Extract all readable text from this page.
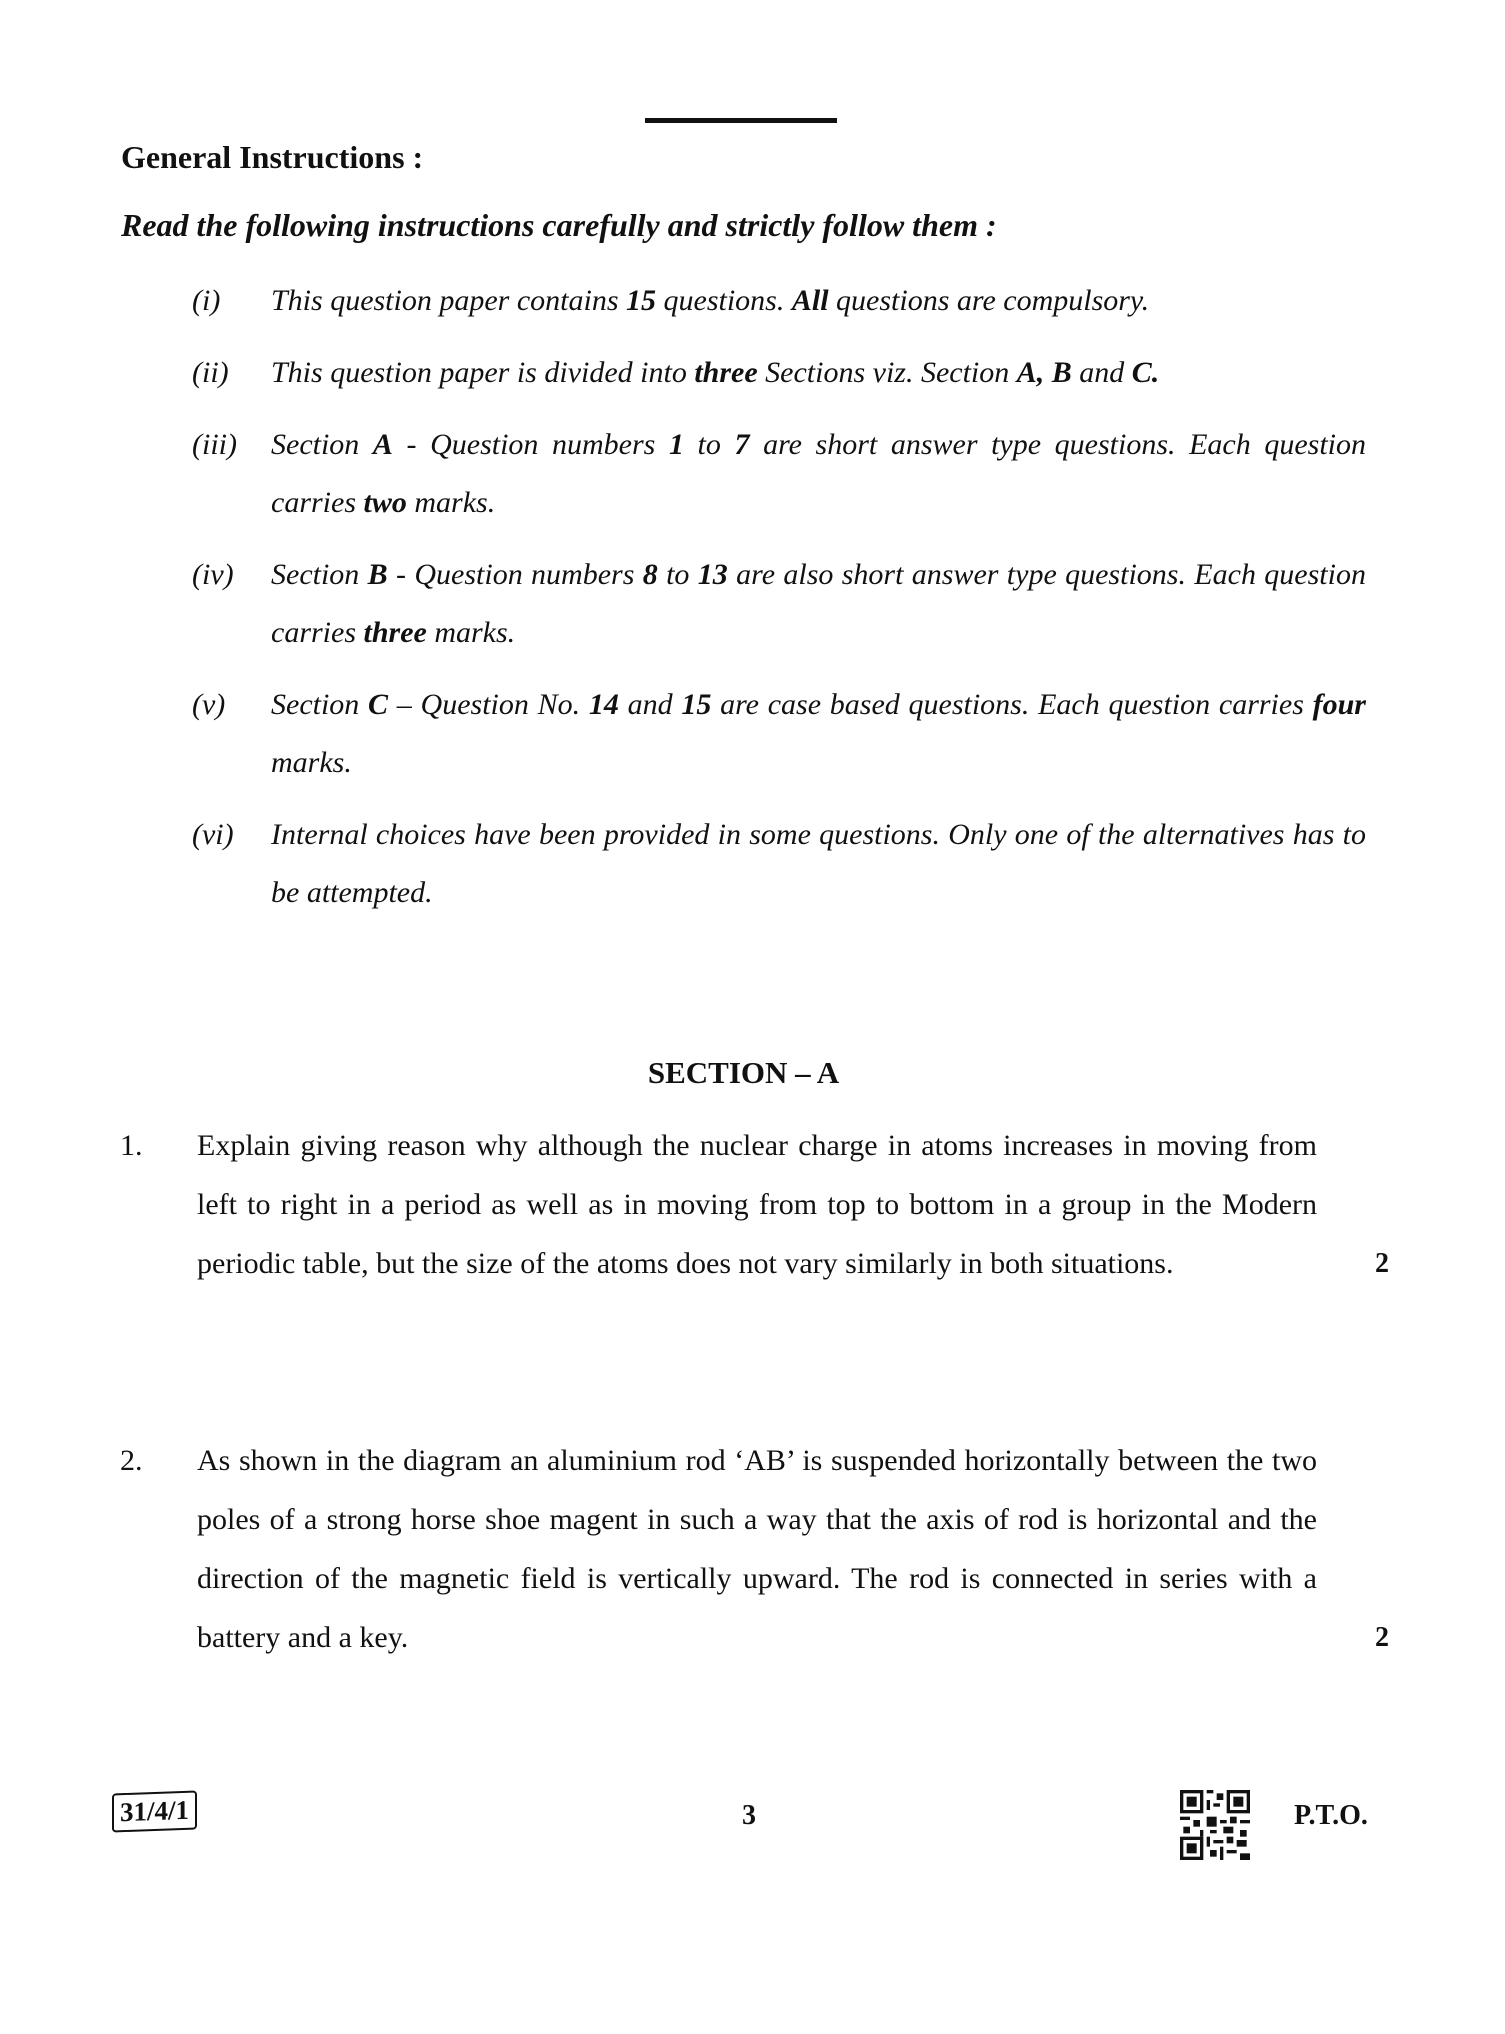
General Instructions :
Read the following instructions carefully and strictly follow them :
(i) This question paper contains 15 questions. All questions are compulsory.
(ii) This question paper is divided into three Sections viz. Section A, B and C.
(iii) Section A - Question numbers 1 to 7 are short answer type questions. Each question carries two marks.
(iv) Section B - Question numbers 8 to 13 are also short answer type questions. Each question carries three marks.
(v) Section C – Question No. 14 and 15 are case based questions. Each question carries four marks.
(vi) Internal choices have been provided in some questions. Only one of the alternatives has to be attempted.
SECTION – A
1. Explain giving reason why although the nuclear charge in atoms increases in moving from left to right in a period as well as in moving from top to bottom in a group in the Modern periodic table, but the size of the atoms does not vary similarly in both situations.	2
2. As shown in the diagram an aluminium rod ‘AB’ is suspended horizontally between the two poles of a strong horse shoe magent in such a way that the axis of rod is horizontal and the direction of the magnetic field is vertically upward. The rod is connected in series with a battery and a key.	2
31/4/1	3	P.T.O.
